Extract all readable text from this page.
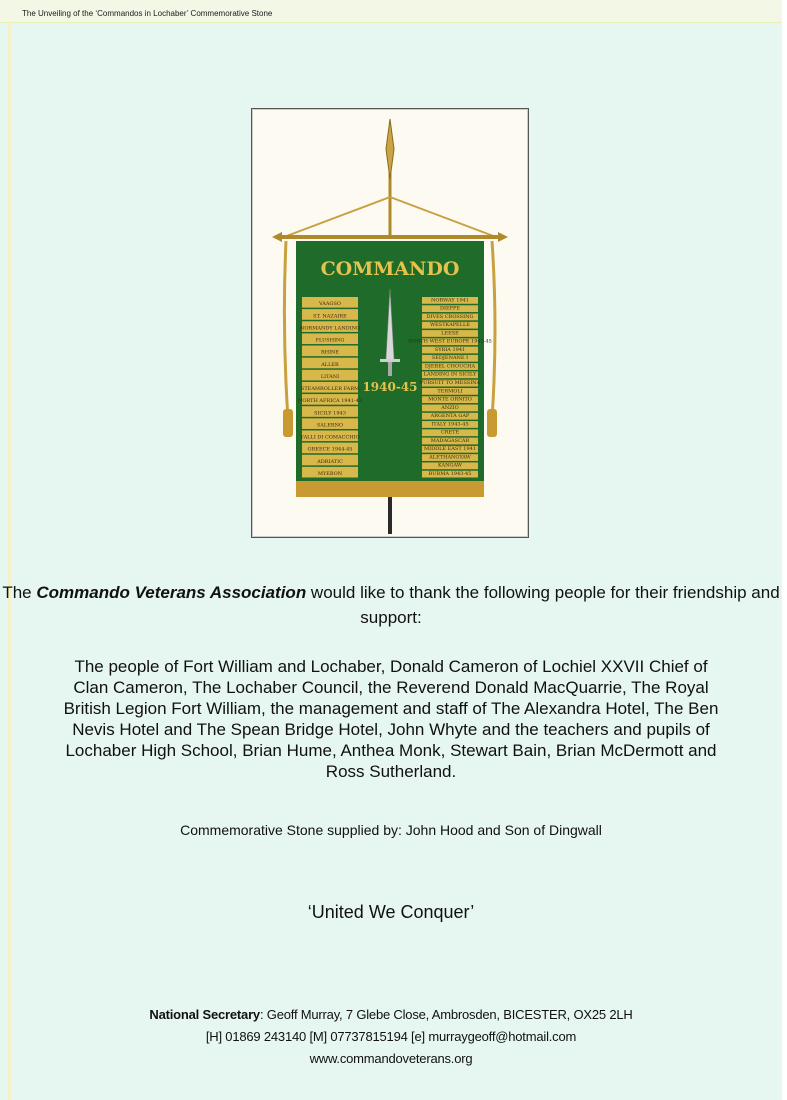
The Unveiling of the ‘Commandos in Lochaber’ Commemorative Stone
COMMANDO
1940-45
VAAGSO
ST. NAZAIRE
NORMANDY LANDING
FLUSHING
RHINE
ALLER
LITANI
STEAMROLLER FARM
NORTH AFRICA 1941-43
SICILY 1943
SALERNO
VALLI DI COMACCHIO
GREECE 1944-45
ADRIATIC
MYEBON
NORWAY 1941
DIEPPE
DIVES CROSSING
WESTKAPELLE
LEESE
NORTH WEST EUROPE 1942-45
SYRIA 1941
SEDJENANE I
DJEBEL CHOUCHA
LANDING IN SICILY
PURSUIT TO MESSINA
TERMOLI
MONTE ORNITO
ANZIO
ARGENTA GAP
ITALY 1943-45
CRETE
MADAGASCAR
MIDDLE EAST 1941
ALETHANGYAW
KANGAW
BURMA 1943-45
The Commando Veterans Association would like to thank the following people for their friendship and support:
The people of Fort William and Lochaber, Donald Cameron of Lochiel XXVII Chief of Clan Cameron, The Lochaber Council, the Reverend Donald MacQuarrie, The Royal British Legion Fort William, the management and staff of The Alexandra Hotel, The Ben Nevis Hotel and The Spean Bridge Hotel, John Whyte and the teachers and pupils of Lochaber High School, Brian Hume, Anthea Monk, Stewart Bain, Brian McDermott and Ross Sutherland.
Commemorative Stone supplied by: John Hood and Son of Dingwall
‘United We Conquer’
National Secretary: Geoff Murray, 7 Glebe Close, Ambrosden, BICESTER, OX25 2LH
[H] 01869 243140 [M] 07737815194 [e] murraygeoff@hotmail.com
www.commandoveterans.org
